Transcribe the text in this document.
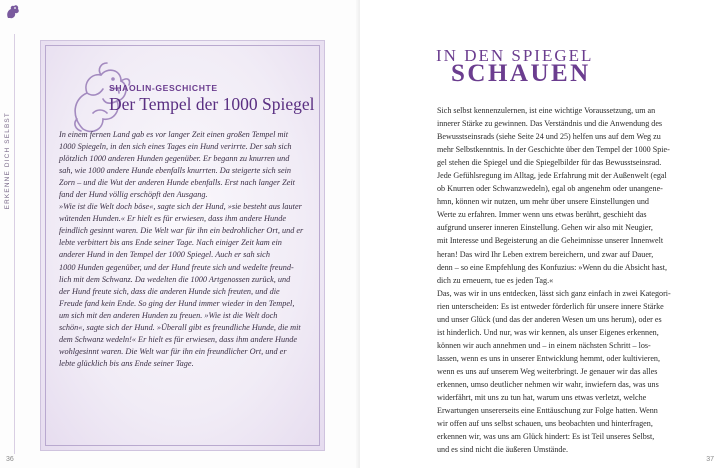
ERKENNE DICH SELBST
SHAOLIN-GESCHICHTE
Der Tempel der 1000 Spiegel
In einem fernen Land gab es vor langer Zeit einen großen Tempel mit
1000 Spiegeln, in den sich eines Tages ein Hund verirrte. Der sah sich
plötzlich 1000 anderen Hunden gegenüber. Er begann zu knurren und
sah, wie 1000 andere Hunde ebenfalls knurrten. Da steigerte sich sein
Zorn – und die Wut der anderen Hunde ebenfalls. Erst nach langer Zeit
fand der Hund völlig erschöpft den Ausgang.
»Wie ist die Welt doch böse«, sagte sich der Hund, »sie besteht aus lauter
wütenden Hunden.« Er hielt es für erwiesen, dass ihm andere Hunde
feindlich gesinnt waren. Die Welt war für ihn ein bedrohlicher Ort, und er
lebte verbittert bis ans Ende seiner Tage. Nach einiger Zeit kam ein
anderer Hund in den Tempel der 1000 Spiegel. Auch er sah sich
1000 Hunden gegenüber, und der Hund freute sich und wedelte freund-
lich mit dem Schwanz. Da wedelten die 1000 Artgenossen zurück, und
der Hund freute sich, dass die anderen Hunde sich freuten, und die
Freude fand kein Ende. So ging der Hund immer wieder in den Tempel,
um sich mit den anderen Hunden zu freuen. »Wie ist die Welt doch
schön«, sagte sich der Hund. »Überall gibt es freundliche Hunde, die mit
dem Schwanz wedeln!« Er hielt es für erwiesen, dass ihm andere Hunde
wohlgesinnt waren. Die Welt war für ihn ein freundlicher Ort, und er
lebte glücklich bis ans Ende seiner Tage.
36	37
IN DEN SPIEGEL
SCHAUEN
Sich selbst kennenzulernen, ist eine wichtige Voraussetzung, um an
innerer Stärke zu gewinnen. Das Verständnis und die Anwendung des
Bewusstseinsrads (siehe Seite 24 und 25) helfen uns auf dem Weg zu
mehr Selbstkenntnis. In der Geschichte über den Tempel der 1000 Spie-
gel stehen die Spiegel und die Spiegelbilder für das Bewusstseinsrad.
Jede Gefühlsregung im Alltag, jede Erfahrung mit der Außenwelt (egal
ob Knurren oder Schwanzwedeln), egal ob angenehm oder unangene-
hmn, können wir nutzen, um mehr über unsere Einstellungen und
Werte zu erfahren. Immer wenn uns etwas berührt, geschieht das
aufgrund unserer inneren Einstellung. Gehen wir also mit Neugier,
mit Interesse und Begeisterung an die Geheimnisse unserer Innenwelt
heran! Das wird Ihr Leben extrem bereichern, und zwar auf Dauer,
denn – so eine Empfehlung des Konfuzius: »Wenn du die Absicht hast,
dich zu erneuern, tue es jeden Tag.«
Das, was wir in uns entdecken, lässt sich ganz einfach in zwei Kategori-
rien unterscheiden: Es ist entweder förderlich für unsere innere Stärke
und unser Glück (und das der anderen Wesen um uns herum), oder es
ist hinderlich. Und nur, was wir kennen, als unser Eigenes erkennen,
können wir auch annehmen und – in einem nächsten Schritt – los-
lassen, wenn es uns in unserer Entwicklung hemmt, oder kultivieren,
wenn es uns auf unserem Weg weiterbringt. Je genauer wir das alles
erkennen, umso deutlicher nehmen wir wahr, inwiefern das, was uns
widerfährt, mit uns zu tun hat, warum uns etwas verletzt, welche
Erwartungen unsererseits eine Enttäuschung zur Folge hatten. Wenn
wir offen auf uns selbst schauen, uns beobachten und hinterfragen,
erkennen wir, was uns am Glück hindert: Es ist Teil unseres Selbst,
und es sind nicht die äußeren Umstände.
